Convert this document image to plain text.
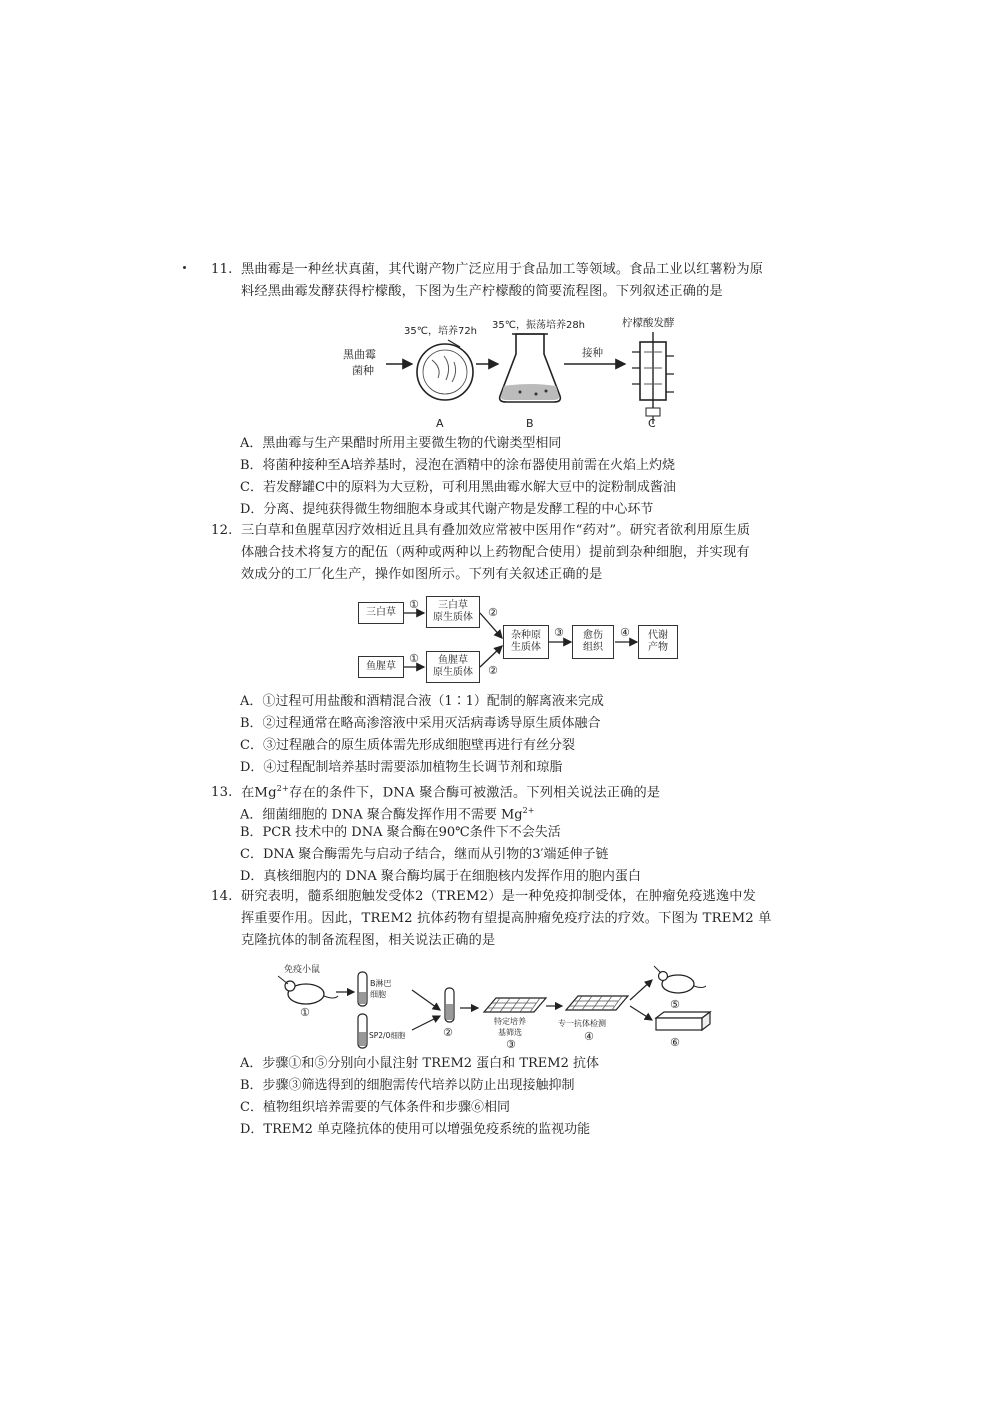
11. 黑曲霉是一种丝状真菌，其代谢产物广泛应用于食品加工等领域。食品工业以红薯粉为原

料经黑曲霉发酵获得柠檬酸，下图为生产柠檬酸的简要流程图。下列叙述正确的是

黑曲霉
菌种
35℃，培养72h
35℃，振荡培养28h
接种
柠檬酸发酵
A	B	C
A．黑曲霉与生产果醋时所用主要微生物的代谢类型相同
B．将菌种接种至A培养基时，浸泡在酒精中的涂布器使用前需在火焰上灼烧
C．若发酵罐C中的原料为大豆粉，可利用黑曲霉水解大豆中的淀粉制成酱油
D．分离、提纯获得微生物细胞本身或其代谢产物是发酵工程的中心环节

12. 三白草和鱼腥草因疗效相近且具有叠加效应常被中医用作“药对”。研究者欲利用原生质

体融合技术将复方的配伍（两种或两种以上药物配合使用）提前到杂种细胞，并实现有

效成分的工厂化生产，操作如图所示。下列有关叙述正确的是

①
①
②
②
③	④
三白草
三白草
原生质体
鱼腥草
鱼腥草
原生质体
杂种原
生质体
愈伤
组织
代谢
产物
A．①过程可用盐酸和酒精混合液（1∶1）配制的解离液来完成
B．②过程通常在略高渗溶液中采用灭活病毒诱导原生质体融合
C．③过程融合的原生质体需先形成细胞壁再进行有丝分裂
D．④过程配制培养基时需要添加植物生长调节剂和琼脂

13. 在$Mg^{2+}$存在的条件下，DNA 聚合酶可被激活。下列相关说法正确的是

A．细菌细胞的 DNA 聚合酶发挥作用不需要 $Mg^{2+}$
B．PCR 技术中的 DNA 聚合酶在90℃条件下不会失活
C．DNA 聚合酶需先与启动子结合，继而从引物的3′端延伸子链
D．真核细胞内的 DNA 聚合酶均属于在细胞核内发挥作用的胞内蛋白

14. 研究表明，髓系细胞触发受体2（TREM2）是一种免疫抑制受体，在肿瘤免疫逃逸中发

挥重要作用。因此，TREM2 抗体药物有望提高肿瘤免疫疗法的疗效。下图为 TREM2 单

克隆抗体的制备流程图，相关说法正确的是

免疫小鼠
①
B淋巴
细胞
SP2/0细胞	②
特定培养
基筛选
③
专一抗体检测
④
⑤
⑥
A．步骤①和⑤分别向小鼠注射 TREM2 蛋白和 TREM2 抗体
B．步骤③筛选得到的细胞需传代培养以防止出现接触抑制
C．植物组织培养需要的气体条件和步骤⑥相同
D．TREM2 单克隆抗体的使用可以增强免疫系统的监视功能
